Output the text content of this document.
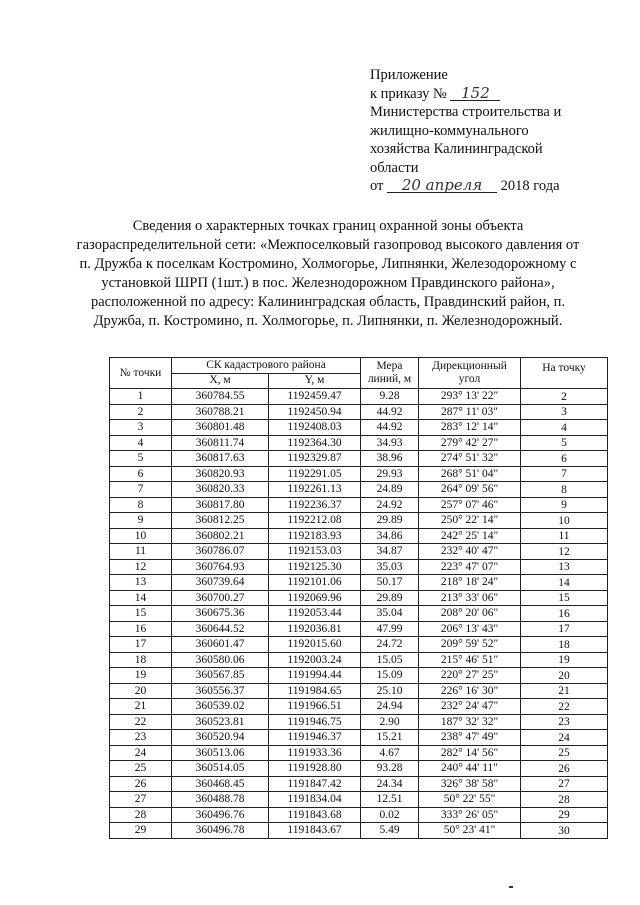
Приложение
к приказу № 152
Министерства строительства и
жилищно-коммунального
хозяйства Калининградской
области
от 20 апреля 2018 года
Сведения о характерных точках границ охранной зоны объекта газораспределительной сети: «Межпоселковый газопровод высокого давления от п. Дружба к поселкам Костромино, Холмогорье, Липнянки, Железодорожному с установкой ШРП (1шт.) в пос. Железнодорожном Правдинского района», расположенной по адресу: Калининградская область, Правдинский район, п. Дружба, п. Костромино, п. Холмогорье, п. Липнянки, п. Железнодорожный.
№ точки	СК кадастрового района		Мера линий, м	Дирекционный угол	На точку
	X, м	Y, м			
1	360784.55	1192459.47	9.28	293° 13' 22"	2
2	360788.21	1192450.94	44.92	287° 11' 03"	3
3	360801.48	1192408.03	44.92	283° 12' 14"	4
4	360811.74	1192364.30	34.93	279° 42' 27"	5
5	360817.63	1192329.87	38.96	274° 51' 32"	6
6	360820.93	1192291.05	29.93	268° 51' 04"	7
7	360820.33	1192261.13	24.89	264° 09' 56"	8
8	360817.80	1192236.37	24.92	257° 07' 46"	9
9	360812.25	1192212.08	29.89	250° 22' 14"	10
10	360802.21	1192183.93	34.86	242° 25' 14"	11
11	360786.07	1192153.03	34.87	232° 40' 47"	12
12	360764.93	1192125.30	35.03	223° 47' 07"	13
13	360739.64	1192101.06	50.17	218° 18' 24"	14
14	360700.27	1192069.96	29.89	213° 33' 06"	15
15	360675.36	1192053.44	35.04	208° 20' 06"	16
16	360644.52	1192036.81	47.99	206° 13' 43"	17
17	360601.47	1192015.60	24.72	209° 59' 52"	18
18	360580.06	1192003.24	15.05	215° 46' 51"	19
19	360567.85	1191994.44	15.09	220° 27' 25"	20
20	360556.37	1191984.65	25.10	226° 16' 30"	21
21	360539.02	1191966.51	24.94	232° 24' 47"	22
22	360523.81	1191946.75	2.90	187° 32' 32"	23
23	360520.94	1191946.37	15.21	238° 47' 49"	24
24	360513.06	1191933.36	4.67	282° 14' 56"	25
25	360514.05	1191928.80	93.28	240° 44' 11"	26
26	360468.45	1191847.42	24.34	326° 38' 58"	27
27	360488.78	1191834.04	12.51	50° 22' 55"	28
28	360496.76	1191843.68	0.02	333° 26' 05"	29
29	360496.78	1191843.67	5.49	50° 23' 41"	30
